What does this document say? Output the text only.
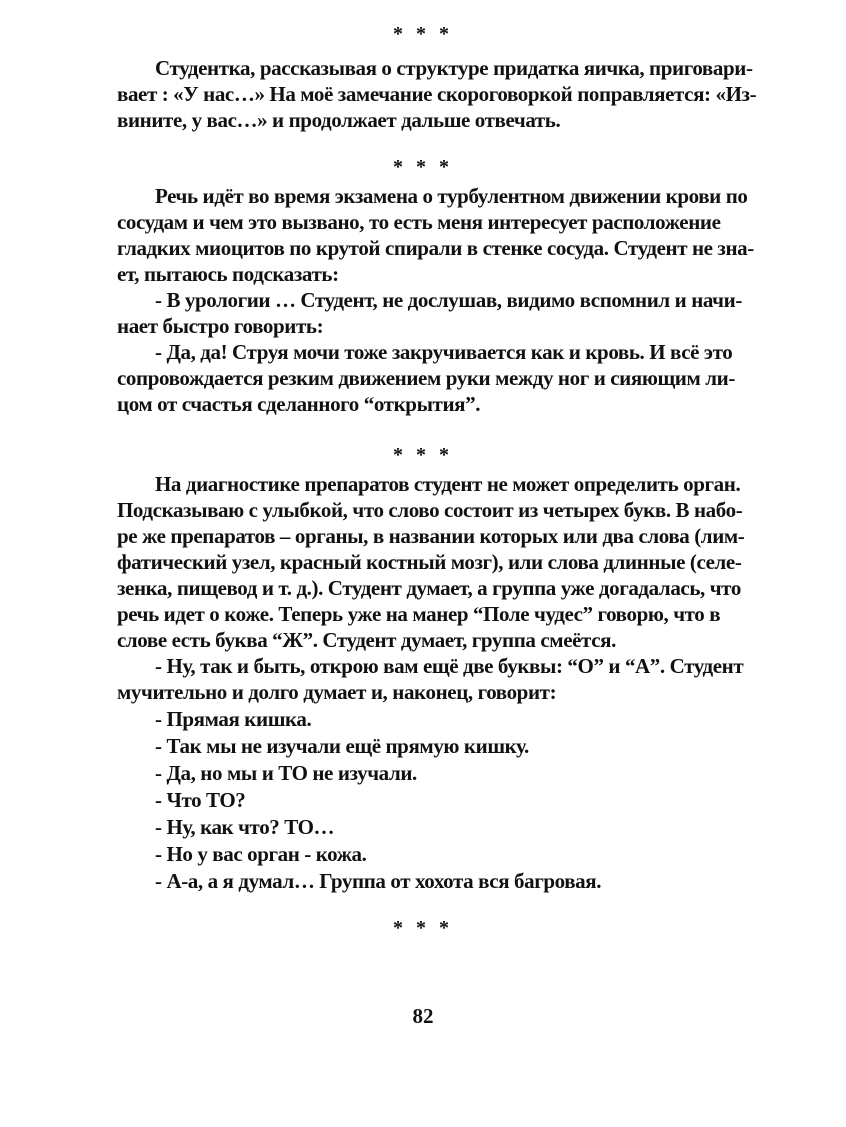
* * *
Студентка, рассказывая о структуре придатка яичка, приговари-
вает : «У нас…» На моё замечание скороговоркой поправляется: «Из-
вините, у вас…» и продолжает дальше отвечать.
* * *
Речь идёт во время экзамена о турбулентном движении крови по
сосудам и чем это вызвано, то есть меня интересует расположение
гладких миоцитов по крутой спирали в стенке сосуда. Студент не зна-
ет, пытаюсь подсказать:
- В урологии … Студент, не дослушав, видимо вспомнил и начи-
нает быстро говорить:
- Да, да! Струя мочи тоже закручивается как и кровь. И всё это
сопровождается резким движением руки между ног и сияющим ли-
цом от счастья сделанного “открытия”.
* * *
На диагностике препаратов студент не может определить орган.
Подсказываю с улыбкой, что слово состоит из четырех букв. В набо-
ре же препаратов – органы, в названии которых или два слова (лим-
фатический узел, красный костный мозг), или слова длинные (селе-
зенка, пищевод и т. д.). Студент думает, а группа уже догадалась, что
речь идет о коже. Теперь уже на манер “Поле чудес” говорю, что в
слове есть буква “Ж”. Студент думает, группа смеётся.
- Ну, так и быть, открою вам ещё две буквы: “О” и “А”. Студент
мучительно и долго думает и, наконец, говорит:
- Прямая кишка.
- Так мы не изучали ещё прямую кишку.
- Да, но мы и ТО не изучали.
- Что ТО?
- Ну, как что? ТО…
- Но у вас орган - кожа.
- А-а, а я думал… Группа от хохота вся багровая.
* * *
82
